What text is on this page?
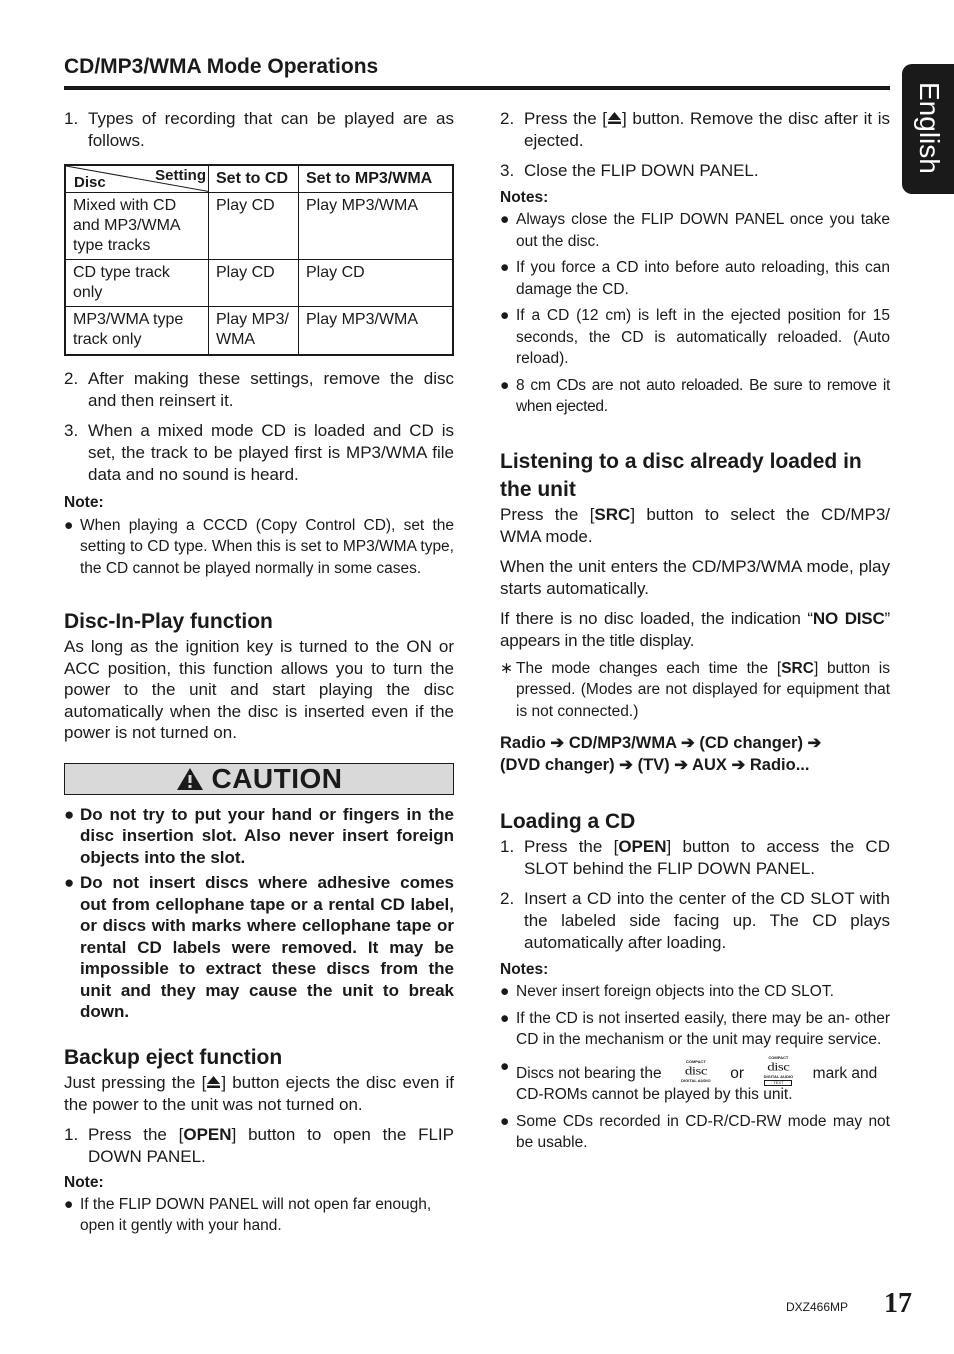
CD/MP3/WMA Mode Operations
English
1. Types of recording that can be played are as follows.
Setting
Disc	Set to CD	Set to MP3/WMA
Mixed with CD and MP3/WMA type tracks	Play CD	Play MP3/WMA
CD type track only	Play CD	Play CD
MP3/WMA type track only	Play MP3/ WMA	Play MP3/WMA
2. After making these settings, remove the disc and then reinsert it.
3. When a mixed mode CD is loaded and CD is set, the track to be played first is MP3/WMA file data and no sound is heard.
Note:
● When playing a CCCD (Copy Control CD), set the setting to CD type. When this is set to MP3/WMA type, the CD cannot be played normally in some cases.
Disc-In-Play function

As long as the ignition key is turned to the ON or ACC position, this function allows you to turn the power to the unit and start playing the disc automatically when the disc is inserted even if the power is not turned on.

CAUTION
● Do not try to put your hand or fingers in the disc insertion slot. Also never insert foreign objects into the slot.
● Do not insert discs where adhesive comes out from cellophane tape or a rental CD label, or discs with marks where cellophane tape or rental CD labels were removed. It may be impossible to extract these discs from the unit and they may cause the unit to break down.
Backup eject function

Just pressing the [ ] button ejects the disc even if the power to the unit was not turned on.

1. Press the [OPEN] button to open the FLIP DOWN PANEL.
Note:
● If the FLIP DOWN PANEL will not open far enough, open it gently with your hand.
2. Press the [ ] button. Remove the disc after it is ejected.
3. Close the FLIP DOWN PANEL.
Notes:
● Always close the FLIP DOWN PANEL once you take out the disc.
● If you force a CD into before auto reloading, this can damage the CD.
● If a CD (12 cm) is left in the ejected position for 15 seconds, the CD is automatically reloaded. (Auto reload).
● 8 cm CDs are not auto reloaded. Be sure to remove it when ejected.
Listening to a disc already loaded in the unit

Press the [SRC] button to select the CD/MP3/ WMA mode.

When the unit enters the CD/MP3/WMA mode, play starts automatically.

If there is no disc loaded, the indication “NO DISC” appears in the title display.

∗ The mode changes each time the [SRC] button is pressed. (Modes are not displayed for equipment that is not connected.)
Radio ➔ CD/MP3/WMA ➔ (CD changer) ➔
(DVD changer) ➔ (TV) ➔ AUX ➔ Radio...
Loading a CD
1. Press the [OPEN] button to access the CD SLOT behind the FLIP DOWN PANEL.
2. Insert a CD into the center of the CD SLOT with the labeled side facing up. The CD plays automatically after loading.
Notes:
● Never insert foreign objects into the CD SLOT.
● If the CD is not inserted easily, there may be an- other CD in the mechanism or the unit may require service.
● Discs not bearing the
COMPACT
disc
DIGITAL AUDIO	or
COMPACT
disc
DIGITAL AUDIO
TEXT
mark and CD-ROMs cannot be played by this unit.
● Some CDs recorded in CD-R/CD-RW mode may not be usable.
DXZ466MP 17
